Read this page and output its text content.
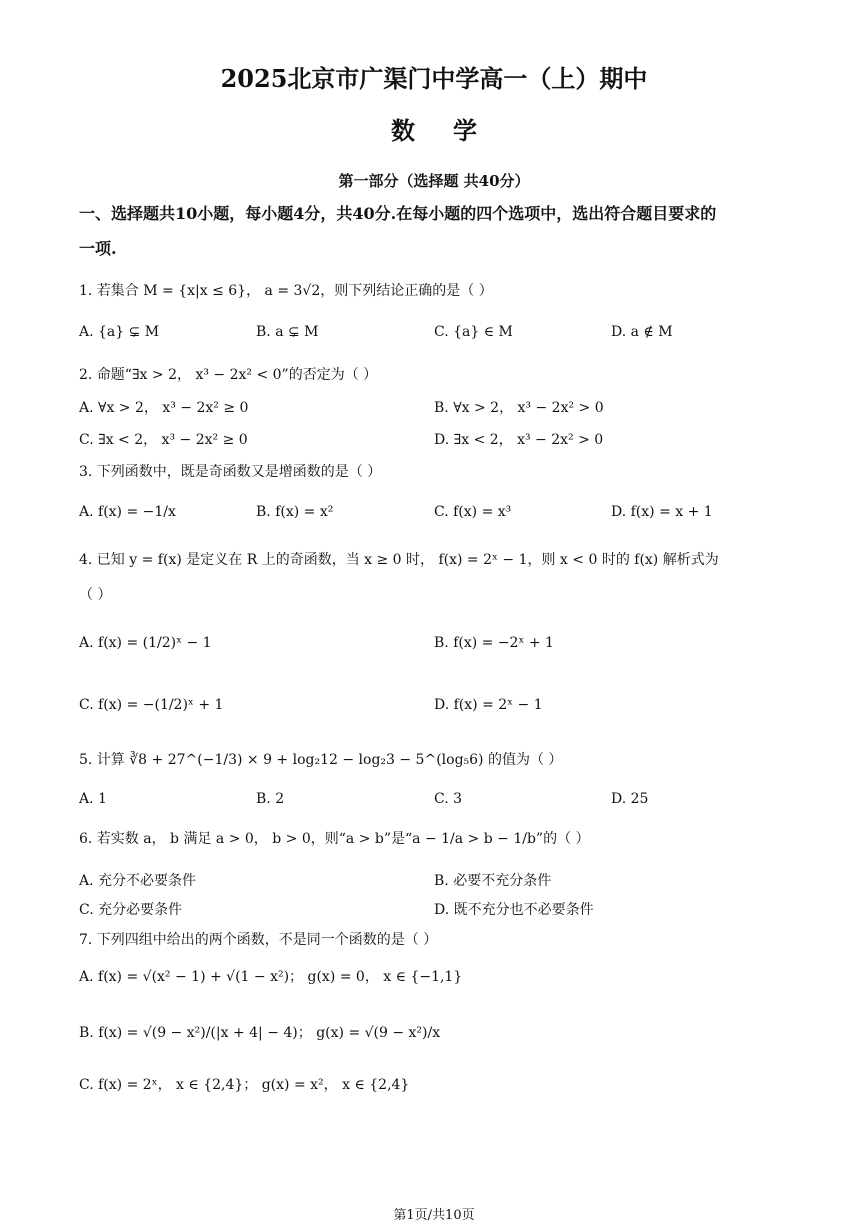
2025北京市广渠门中学高一（上）期中
数学
第一部分（选择题 共40分）
一、选择题共10小题，每小题4分，共40分.在每小题的四个选项中，选出符合题目要求的
一项.
1. 若集合 M = {x|x ≤ 6}， a = 3√2，则下列结论正确的是（ ）
A. {a} ⊊ M	B. a ⊊ M	C. {a} ∈ M	D. a ∉ M
2. 命题“∃x > 2， x³ − 2x² < 0”的否定为（ ）
A. ∀x > 2， x³ − 2x² ≥ 0	B. ∀x > 2， x³ − 2x² > 0
C. ∃x < 2， x³ − 2x² ≥ 0	D. ∃x < 2， x³ − 2x² > 0
3. 下列函数中，既是奇函数又是增函数的是（ ）
A. f(x) = −1/x	B. f(x) = x²	C. f(x) = x³	D. f(x) = x + 1
4. 已知 y = f(x) 是定义在 R 上的奇函数，当 x ≥ 0 时， f(x) = 2ˣ − 1，则 x < 0 时的 f(x) 解析式为
（ ）
A. f(x) = (1/2)ˣ − 1	B. f(x) = −2ˣ + 1
C. f(x) = −(1/2)ˣ + 1	D. f(x) = 2ˣ − 1
5. 计算 ∛8 + 27^(−1/3) × 9 + log₂12 − log₂3 − 5^(log₅6) 的值为（ ）
A. 1	B. 2	C. 3	D. 25
6. 若实数 a， b 满足 a > 0， b > 0，则“a > b”是“a − 1/a > b − 1/b”的（ ）
A. 充分不必要条件	B. 必要不充分条件
C. 充分必要条件	D. 既不充分也不必要条件
7. 下列四组中给出的两个函数，不是同一个函数的是（ ）
A. f(x) = √(x² − 1) + √(1 − x²)； g(x) = 0， x ∈ {−1,1}
B. f(x) = √(9 − x²)/(|x + 4| − 4)； g(x) = √(9 − x²)/x
C. f(x) = 2ˣ， x ∈ {2,4}； g(x) = x²， x ∈ {2,4}
第1页/共10页
